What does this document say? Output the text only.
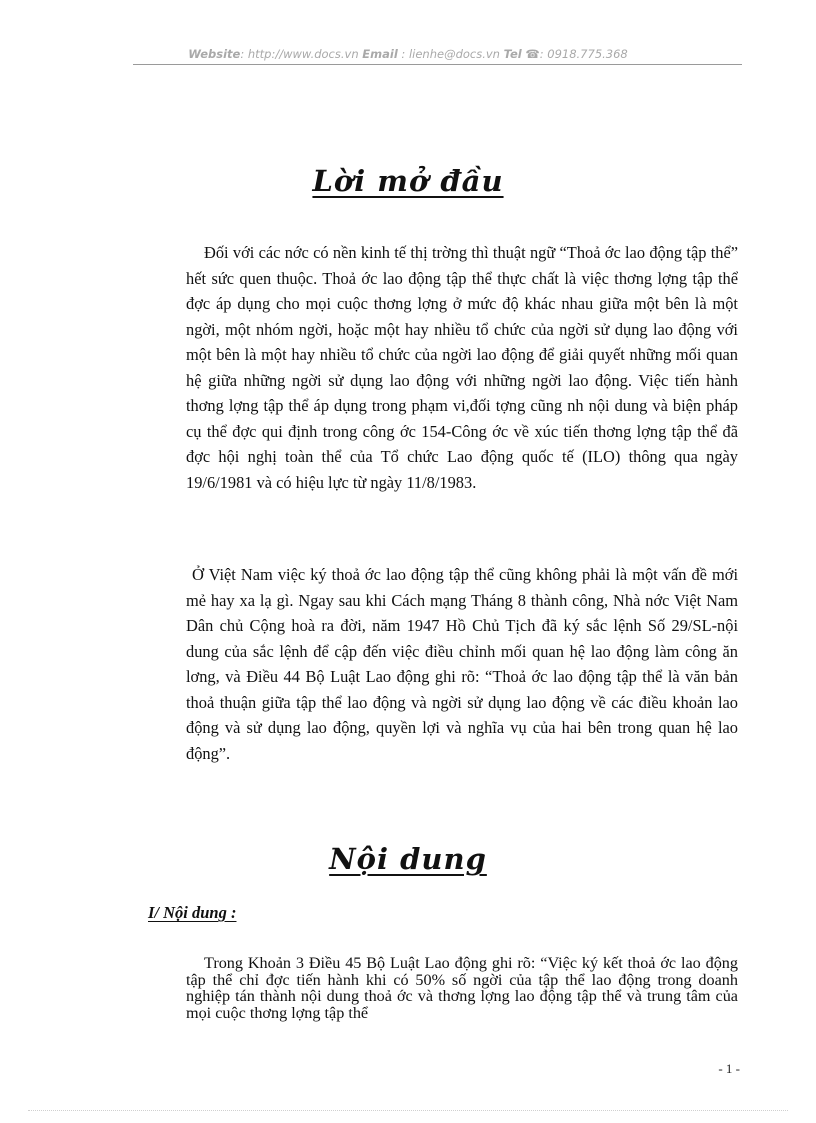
Website: http://www.docs.vn Email : lienhe@docs.vn Tel ☎: 0918.775.368
Lời mở đầu

Đối với các nớc có nền kinh tế thị trờng thì thuật ngữ “Thoả ớc lao động tập thể” hết sức quen thuộc. Thoả ớc lao động tập thể thực chất là việc thơng lợng tập thể đợc áp dụng cho mọi cuộc thơng lợng ở mức độ khác nhau giữa một bên là một ngời, một nhóm ngời, hoặc một hay nhiều tổ chức của ngời sử dụng lao động với một bên là một hay nhiều tổ chức của ngời lao động để giải quyết những mối quan hệ giữa những ngời sử dụng lao động với những ngời lao động. Việc tiến hành thơng lợng tập thể áp dụng trong phạm vi,đối tợng cũng nh nội dung và biện pháp cụ thể đợc qui định trong công ớc 154-Công ớc về xúc tiến thơng lợng tập thể đã đợc hội nghị toàn thể của Tổ chức Lao động quốc tế (ILO) thông qua ngày 19/6/1981 và có hiệu lực từ ngày 11/8/1983.

Ở Việt Nam việc ký thoả ớc lao động tập thể cũng không phải là một vấn đề mới mẻ hay xa lạ gì. Ngay sau khi Cách mạng Tháng 8 thành công, Nhà nớc Việt Nam Dân chủ Cộng hoà ra đời, năm 1947 Hồ Chủ Tịch đã ký sắc lệnh Số 29/SL-nội dung của sắc lệnh để cập đến việc điều chỉnh mối quan hệ lao động làm công ăn lơng, và Điều 44 Bộ Luật Lao động ghi rõ: “Thoả ớc lao động tập thể là văn bản thoả thuận giữa tập thể lao động và ngời sử dụng lao động về các điều khoản lao động và sử dụng lao động, quyền lợi và nghĩa vụ của hai bên trong quan hệ lao động”.

Nội dung
I/ Nội dung :

Trong Khoản 3 Điều 45 Bộ Luật Lao động ghi rõ: “Việc ký kết thoả ớc lao động tập thể chỉ đợc tiến hành khi có 50% số ngời của tập thể lao động trong doanh nghiệp tán thành nội dung thoả ớc và thơng lợng lao động tập thể và trung tâm của mọi cuộc thơng lợng tập thể

- 1 -
